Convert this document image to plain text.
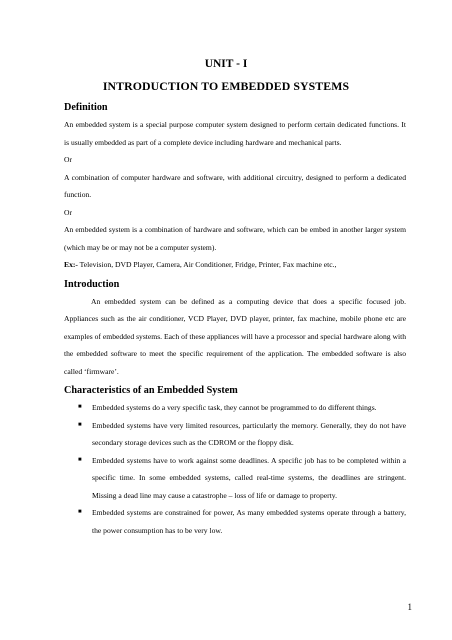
UNIT - I
INTRODUCTION TO EMBEDDED SYSTEMS
Definition

An embedded system is a special purpose computer system designed to perform certain dedicated functions. It is usually embedded as part of a complete device including hardware and mechanical parts.

Or

A combination of computer hardware and software, with additional circuitry, designed to perform a dedicated function.

Or

An embedded system is a combination of hardware and software, which can be embed in another larger system (which may be or may not be a computer system).

Ex:- Television, DVD Player, Camera, Air Conditioner, Fridge, Printer, Fax machine etc.,

Introduction

An embedded system can be defined as a computing device that does a specific focused job. Appliances such as the air conditioner, VCD Player, DVD player, printer, fax machine, mobile phone etc are examples of embedded systems. Each of these appliances will have a processor and special hardware along with the embedded software to meet the specific requirement of the application. The embedded software is also called ‘firmware’.

Characteristics of an Embedded System
■ Embedded systems do a very specific task, they cannot be programmed to do different things.
■ Embedded systems have very limited resources, particularly the memory. Generally, they do not have secondary storage devices such as the CDROM or the floppy disk.
■ Embedded systems have to work against some deadlines. A specific job has to be completed within a specific time. In some embedded systems, called real-time systems, the deadlines are stringent. Missing a dead line may cause a catastrophe – loss of life or damage to property.
■ Embedded systems are constrained for power, As many embedded systems operate through a battery, the power consumption has to be very low.
1
